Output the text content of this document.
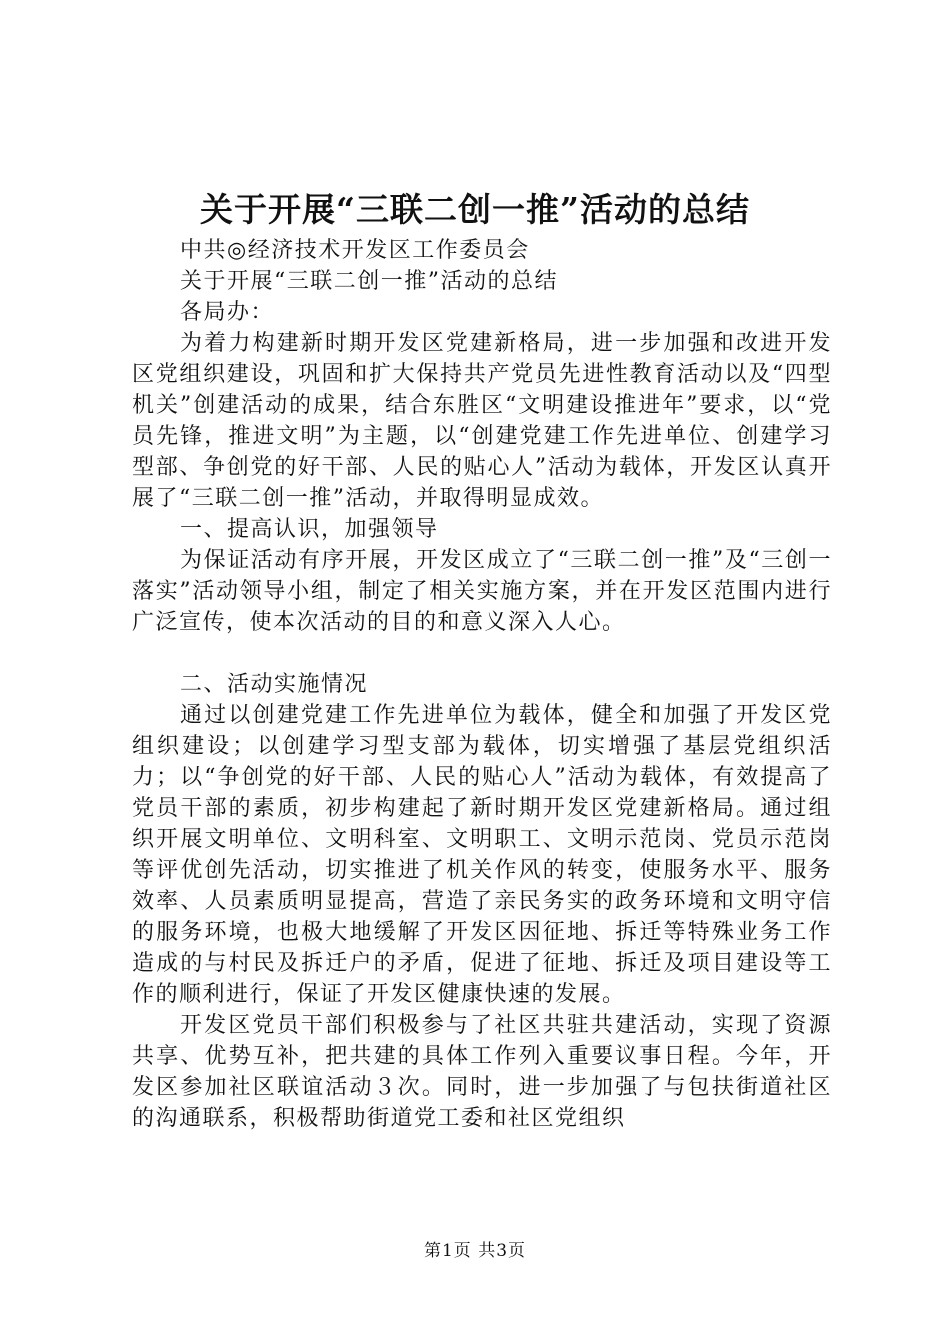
关于开展“三联二创一推”活动的总结

中共◎经济技术开发区工作委员会

关于开展“三联二创一推”活动的总结

各局办：

为着力构建新时期开发区党建新格局，进一步加强和改进开发区党组织建设，巩固和扩大保持共产党员先进性教育活动以及“四型机关”创建活动的成果，结合东胜区“文明建设推进年”要求，以“党员先锋，推进文明”为主题，以“创建党建工作先进单位、创建学习型部、争创党的好干部、人民的贴心人”活动为载体，开发区认真开展了“三联二创一推”活动，并取得明显成效。

一、提高认识，加强领导

为保证活动有序开展，开发区成立了“三联二创一推”及“三创一落实”活动领导小组，制定了相关实施方案，并在开发区范围内进行广泛宣传，使本次活动的目的和意义深入人心。

二、活动实施情况

通过以创建党建工作先进单位为载体，健全和加强了开发区党组织建设；以创建学习型支部为载体，切实增强了基层党组织活力；以“争创党的好干部、人民的贴心人”活动为载体，有效提高了党员干部的素质，初步构建起了新时期开发区党建新格局。通过组织开展文明单位、文明科室、文明职工、文明示范岗、党员示范岗等评优创先活动，切实推进了机关作风的转变，使服务水平、服务效率、人员素质明显提高，营造了亲民务实的政务环境和文明守信的服务环境，也极大地缓解了开发区因征地、拆迁等特殊业务工作造成的与村民及拆迁户的矛盾，促进了征地、拆迁及项目建设等工作的顺利进行，保证了开发区健康快速的发展。

开发区党员干部们积极参与了社区共驻共建活动，实现了资源共享、优势互补，把共建的具体工作列入重要议事日程。今年，开发区参加社区联谊活动３次。同时，进一步加强了与包扶街道社区的沟通联系，积极帮助街道党工委和社区党组织

第1页 共3页
